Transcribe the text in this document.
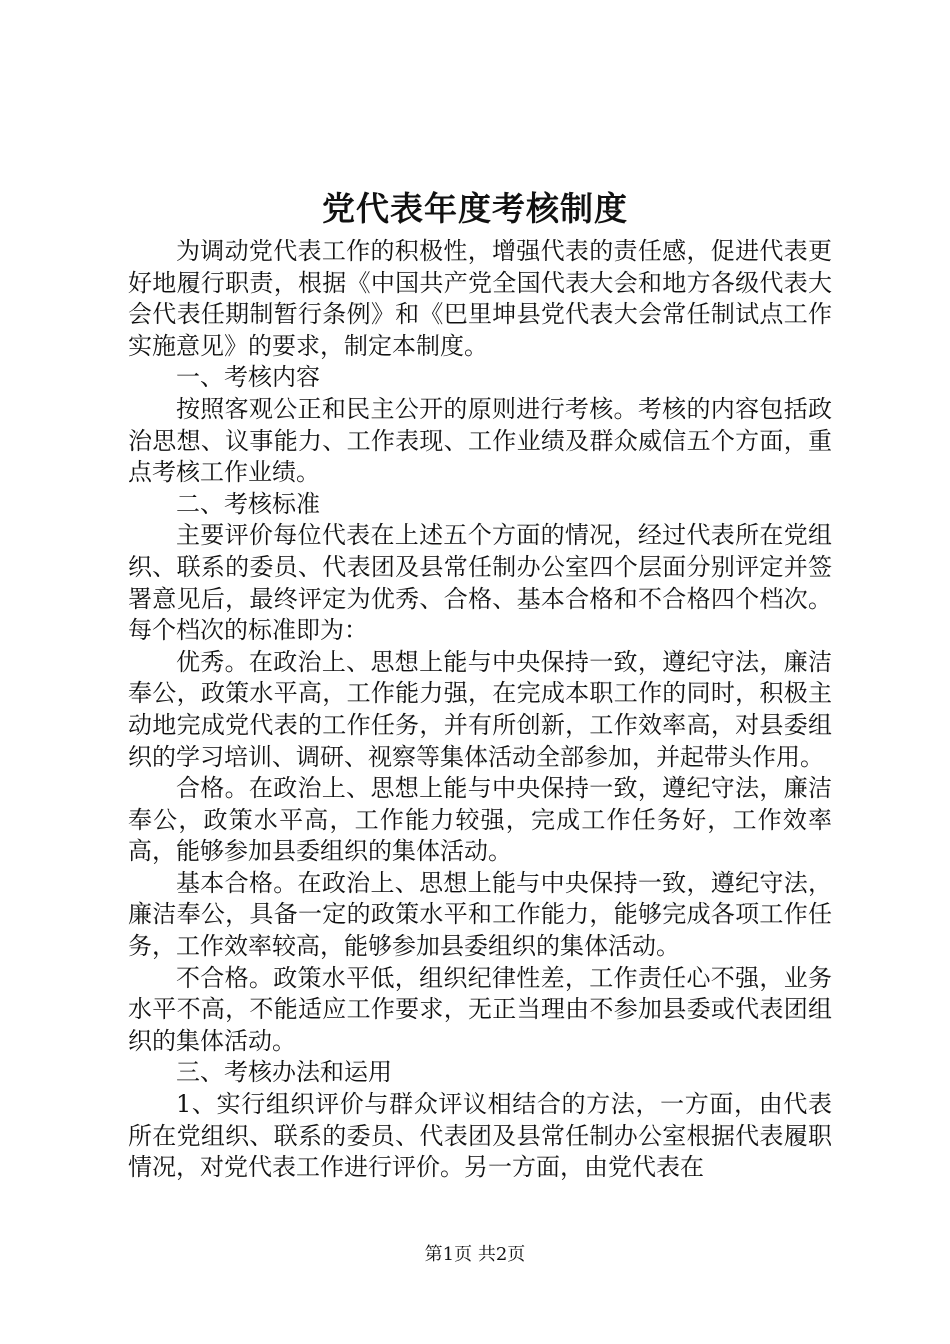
党代表年度考核制度

为调动党代表工作的积极性，增强代表的责任感，促进代表更好地履行职责，根据《中国共产党全国代表大会和地方各级代表大会代表任期制暂行条例》和《巴里坤县党代表大会常任制试点工作实施意见》的要求，制定本制度。

一、考核内容

按照客观公正和民主公开的原则进行考核。考核的内容包括政治思想、议事能力、工作表现、工作业绩及群众威信五个方面，重点考核工作业绩。

二、考核标准

主要评价每位代表在上述五个方面的情况，经过代表所在党组织、联系的委员、代表团及县常任制办公室四个层面分别评定并签署意见后，最终评定为优秀、合格、基本合格和不合格四个档次。每个档次的标准即为：

优秀。在政治上、思想上能与中央保持一致，遵纪守法，廉洁奉公，政策水平高，工作能力强，在完成本职工作的同时，积极主动地完成党代表的工作任务，并有所创新，工作效率高，对县委组织的学习培训、调研、视察等集体活动全部参加，并起带头作用。

合格。在政治上、思想上能与中央保持一致，遵纪守法，廉洁奉公，政策水平高，工作能力较强，完成工作任务好，工作效率高，能够参加县委组织的集体活动。

基本合格。在政治上、思想上能与中央保持一致，遵纪守法，廉洁奉公，具备一定的政策水平和工作能力，能够完成各项工作任务，工作效率较高，能够参加县委组织的集体活动。

不合格。政策水平低，组织纪律性差，工作责任心不强，业务水平不高，不能适应工作要求，无正当理由不参加县委或代表团组织的集体活动。

三、考核办法和运用

1、实行组织评价与群众评议相结合的方法，一方面，由代表所在党组织、联系的委员、代表团及县常任制办公室根据代表履职情况，对党代表工作进行评价。另一方面，由党代表在

第1页 共2页
